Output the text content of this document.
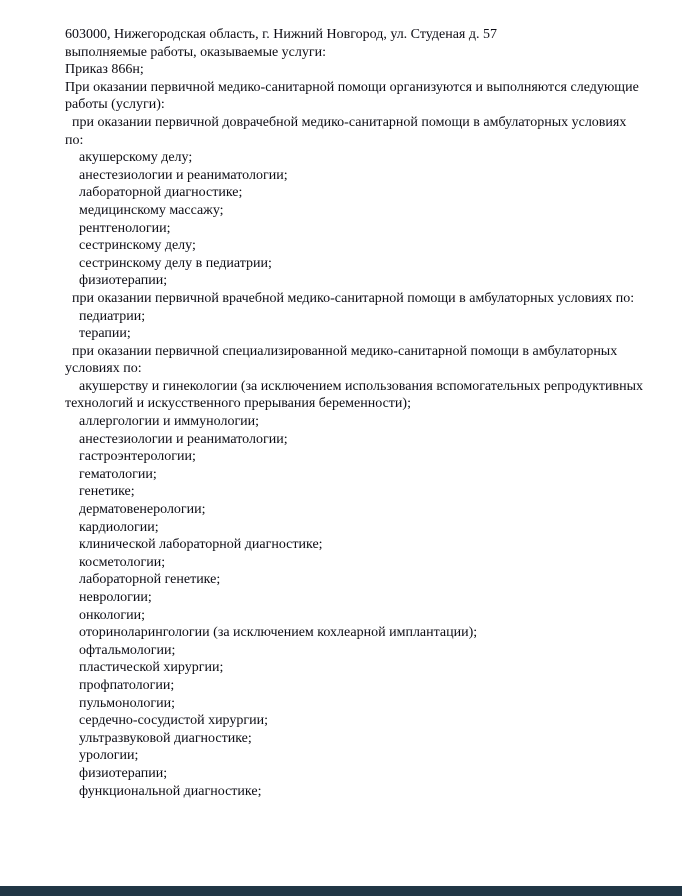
603000, Нижегородская область, г. Нижний Новгород, ул. Студеная д. 57
выполняемые работы, оказываемые услуги:
Приказ 866н;
При оказании первичной медико-санитарной помощи организуются и выполняются следующие
работы (услуги):
при оказании первичной доврачебной медико-санитарной помощи в амбулаторных условиях
по:
акушерскому делу;
анестезиологии и реаниматологии;
лабораторной диагностике;
медицинскому массажу;
рентгенологии;
сестринскому делу;
сестринскому делу в педиатрии;
физиотерапии;
при оказании первичной врачебной медико-санитарной помощи в амбулаторных условиях по:
педиатрии;
терапии;
при оказании первичной специализированной медико-санитарной помощи в амбулаторных
условиях по:
акушерству и гинекологии (за исключением использования вспомогательных репродуктивных
технологий и искусственного прерывания беременности);
аллергологии и иммунологии;
анестезиологии и реаниматологии;
гастроэнтерологии;
гематологии;
генетике;
дерматовенерологии;
кардиологии;
клинической лабораторной диагностике;
косметологии;
лабораторной генетике;
неврологии;
онкологии;
оториноларингологии (за исключением кохлеарной имплантации);
офтальмологии;
пластической хирургии;
профпатологии;
пульмонологии;
сердечно-сосудистой хирургии;
ультразвуковой диагностике;
урологии;
физиотерапии;
функциональной диагностике;
